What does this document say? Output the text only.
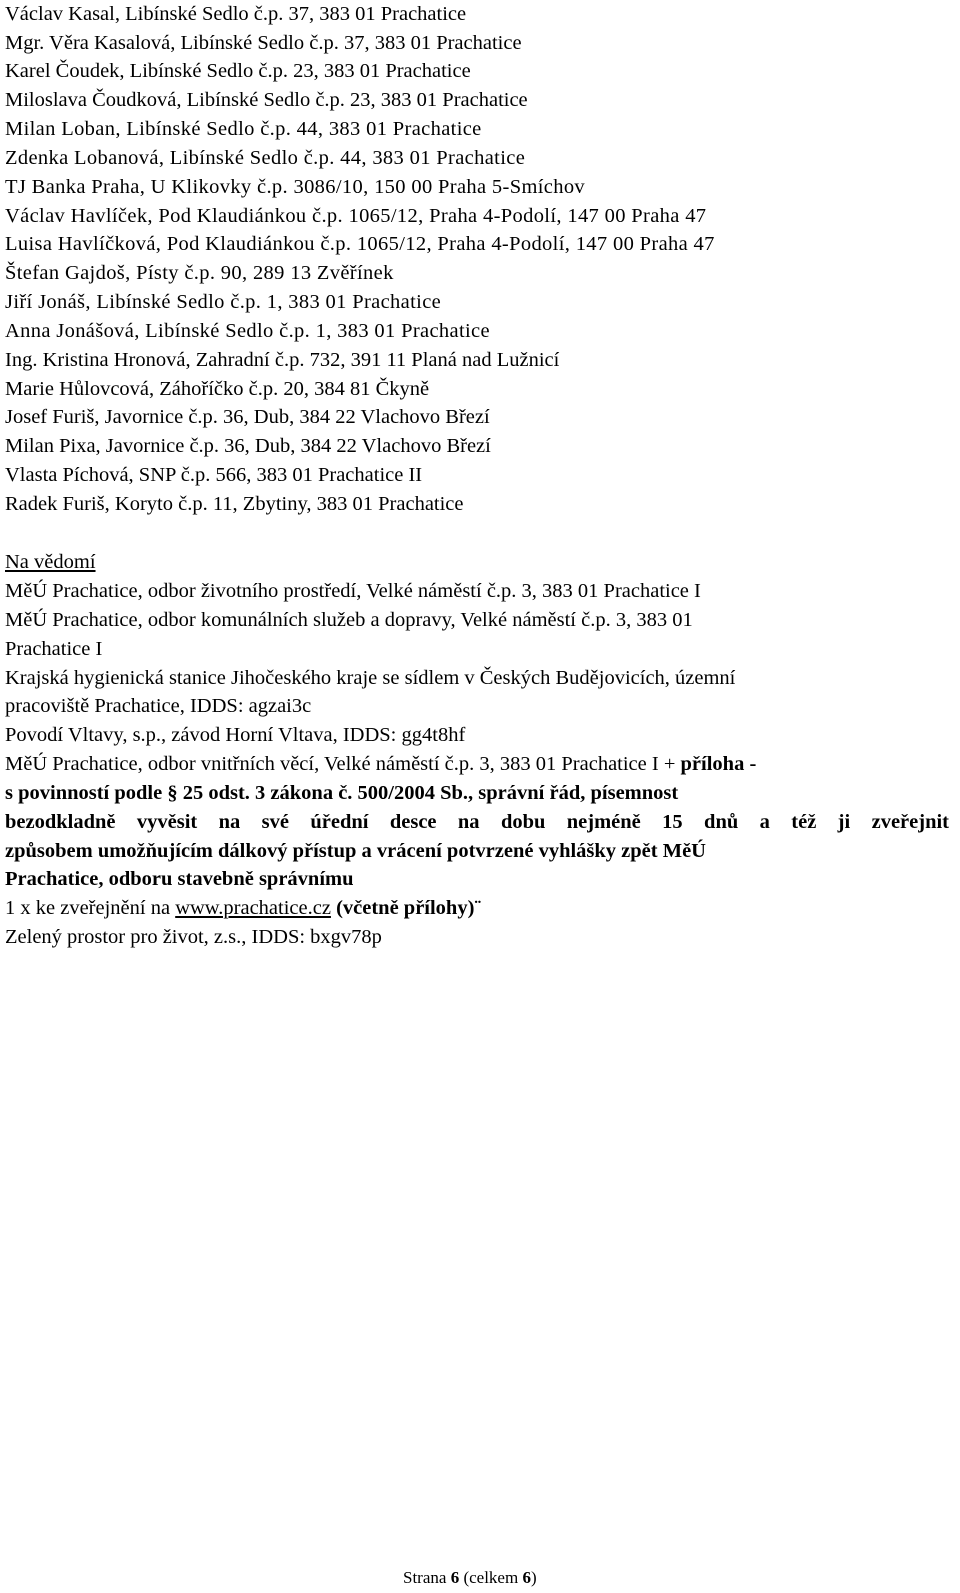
Václav Kasal, Libínské Sedlo č.p. 37, 383 01 Prachatice
Mgr. Věra Kasalová, Libínské Sedlo č.p. 37, 383 01 Prachatice
Karel Čoudek, Libínské Sedlo č.p. 23, 383 01 Prachatice
Miloslava Čoudková, Libínské Sedlo č.p. 23, 383 01 Prachatice
Milan Loban, Libínské Sedlo č.p. 44, 383 01 Prachatice
Zdenka Lobanová, Libínské Sedlo č.p. 44, 383 01 Prachatice
TJ Banka Praha, U Klikovky č.p. 3086/10, 150 00 Praha 5-Smíchov
Václav Havlíček, Pod Klaudiánkou č.p. 1065/12, Praha 4-Podolí, 147 00 Praha 47
Luisa Havlíčková, Pod Klaudiánkou č.p. 1065/12, Praha 4-Podolí, 147 00 Praha 47
Štefan Gajdoš, Písty č.p. 90, 289 13 Zvěřínek
Jiří Jonáš, Libínské Sedlo č.p. 1, 383 01 Prachatice
Anna Jonášová, Libínské Sedlo č.p. 1, 383 01 Prachatice
Ing. Kristina Hronová, Zahradní č.p. 732, 391 11 Planá nad Lužnicí
Marie Hůlovcová, Záhoříčko č.p. 20, 384 81 Čkyně
Josef Furiš, Javornice č.p. 36, Dub, 384 22 Vlachovo Březí
Milan Pixa, Javornice č.p. 36, Dub, 384 22 Vlachovo Březí
Vlasta Píchová, SNP č.p. 566, 383 01 Prachatice II
Radek Furiš, Koryto č.p. 11, Zbytiny, 383 01 Prachatice
Na vědomí
MěÚ Prachatice, odbor životního prostředí, Velké náměstí č.p. 3, 383 01 Prachatice I
MěÚ Prachatice, odbor komunálních služeb a dopravy, Velké náměstí č.p. 3, 383 01
Prachatice I
Krajská hygienická stanice Jihočeského kraje se sídlem v Českých Budějovicích, územní
pracoviště Prachatice, IDDS: agzai3c
Povodí Vltavy, s.p., závod Horní Vltava, IDDS: gg4t8hf
MěÚ Prachatice, odbor vnitřních věcí, Velké náměstí č.p. 3, 383 01 Prachatice I + příloha -
s povinností podle § 25 odst. 3 zákona č. 500/2004 Sb., správní řád, písemnost
bezodkladně vyvěsit na své úřední desce na dobu nejméně 15 dnů a též ji zveřejnit
způsobem umožňujícím dálkový přístup a vrácení potvrzené vyhlášky zpět MěÚ
Prachatice, odboru stavebně správnímu
1 x ke zveřejnění na www.prachatice.cz (včetně přílohy)¨
Zelený prostor pro život, z.s., IDDS: bxgv78p
Strana 6 (celkem 6)
